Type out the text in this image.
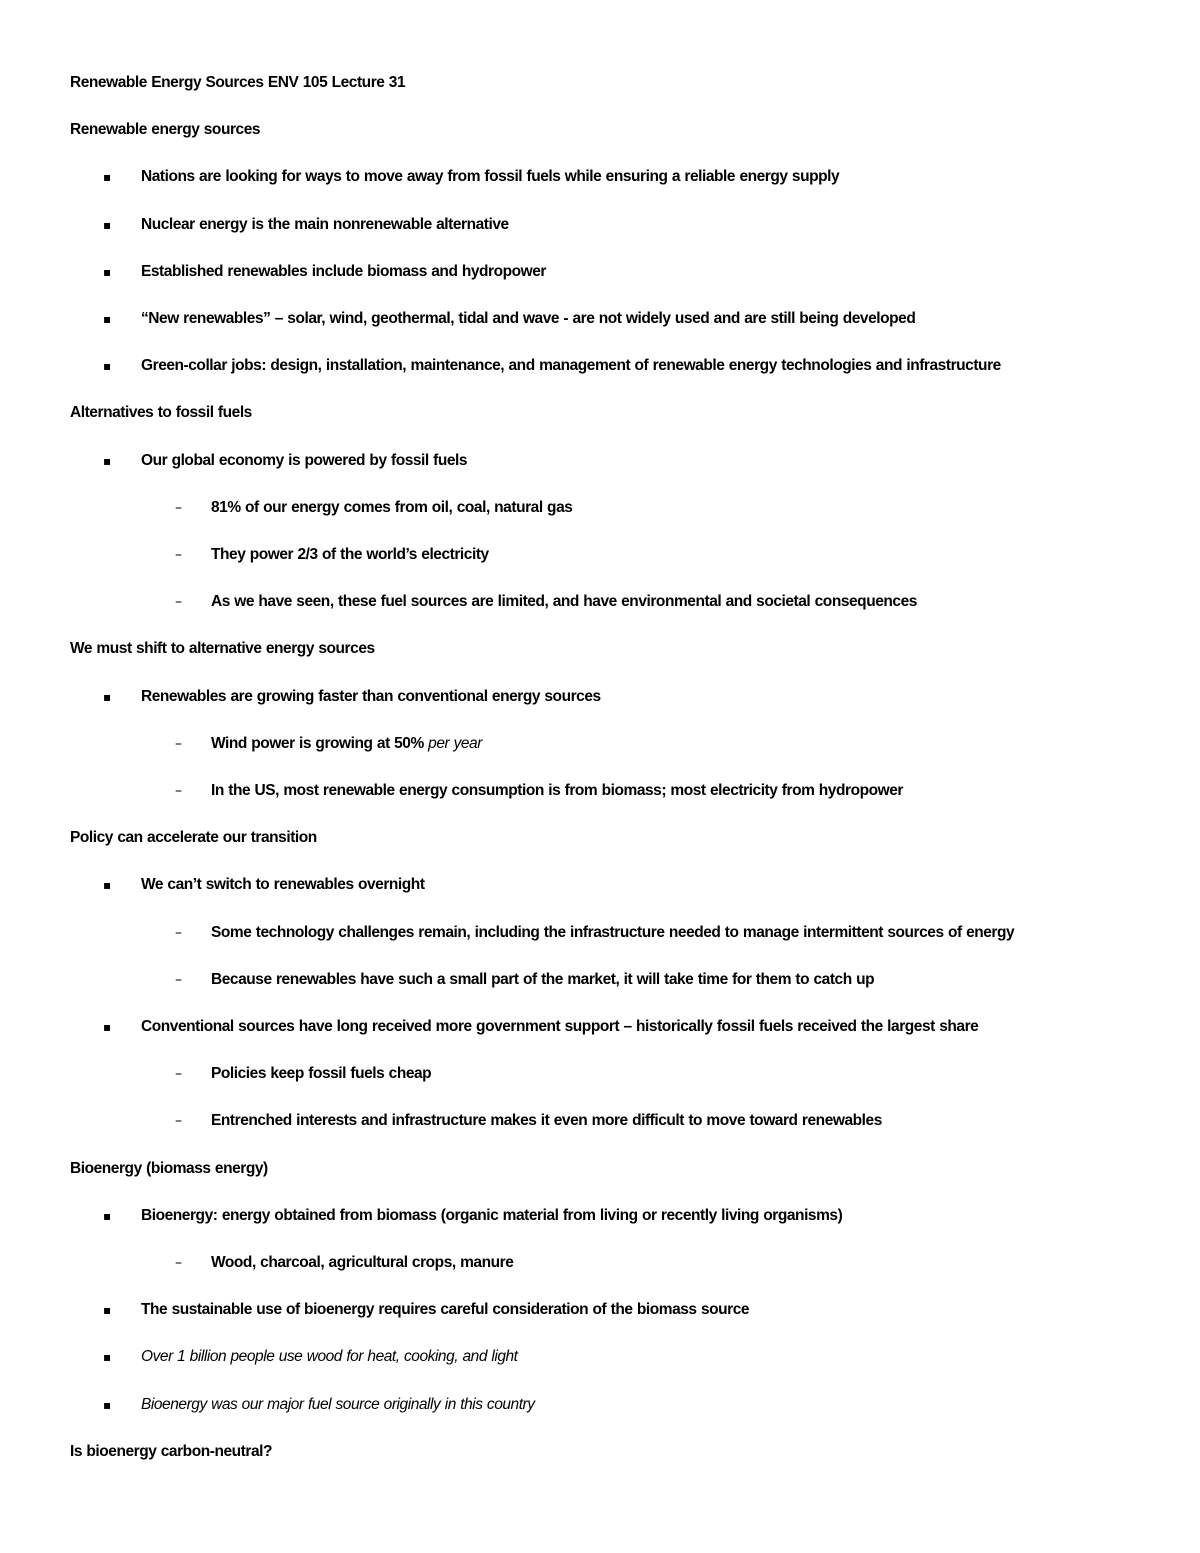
Renewable Energy Sources ENV 105 Lecture 31
Renewable energy sources
▪ Nations are looking for ways to move away from fossil fuels while ensuring a reliable energy supply
▪ Nuclear energy is the main nonrenewable alternative
▪ Established renewables include biomass and hydropower
▪ “New renewables” – solar, wind, geothermal, tidal and wave - are not widely used and are still being developed
▪ Green-collar jobs: design, installation, maintenance, and management of renewable energy technologies and infrastructure
Alternatives to fossil fuels
▪ Our global economy is powered by fossil fuels
– 81% of our energy comes from oil, coal, natural gas
– They power 2/3 of the world’s electricity
– As we have seen, these fuel sources are limited, and have environmental and societal consequences
We must shift to alternative energy sources
▪ Renewables are growing faster than conventional energy sources
– Wind power is growing at 50% per year
– In the US, most renewable energy consumption is from biomass; most electricity from hydropower
Policy can accelerate our transition
▪ We can’t switch to renewables overnight
– Some technology challenges remain, including the infrastructure needed to manage intermittent sources of energy
– Because renewables have such a small part of the market, it will take time for them to catch up
▪ Conventional sources have long received more government support – historically fossil fuels received the largest share
– Policies keep fossil fuels cheap
– Entrenched interests and infrastructure makes it even more difficult to move toward renewables
Bioenergy (biomass energy)
▪ Bioenergy: energy obtained from biomass (organic material from living or recently living organisms)
– Wood, charcoal, agricultural crops, manure
▪ The sustainable use of bioenergy requires careful consideration of the biomass source
▪ Over 1 billion people use wood for heat, cooking, and light
▪ Bioenergy was our major fuel source originally in this country
Is bioenergy carbon-neutral?
